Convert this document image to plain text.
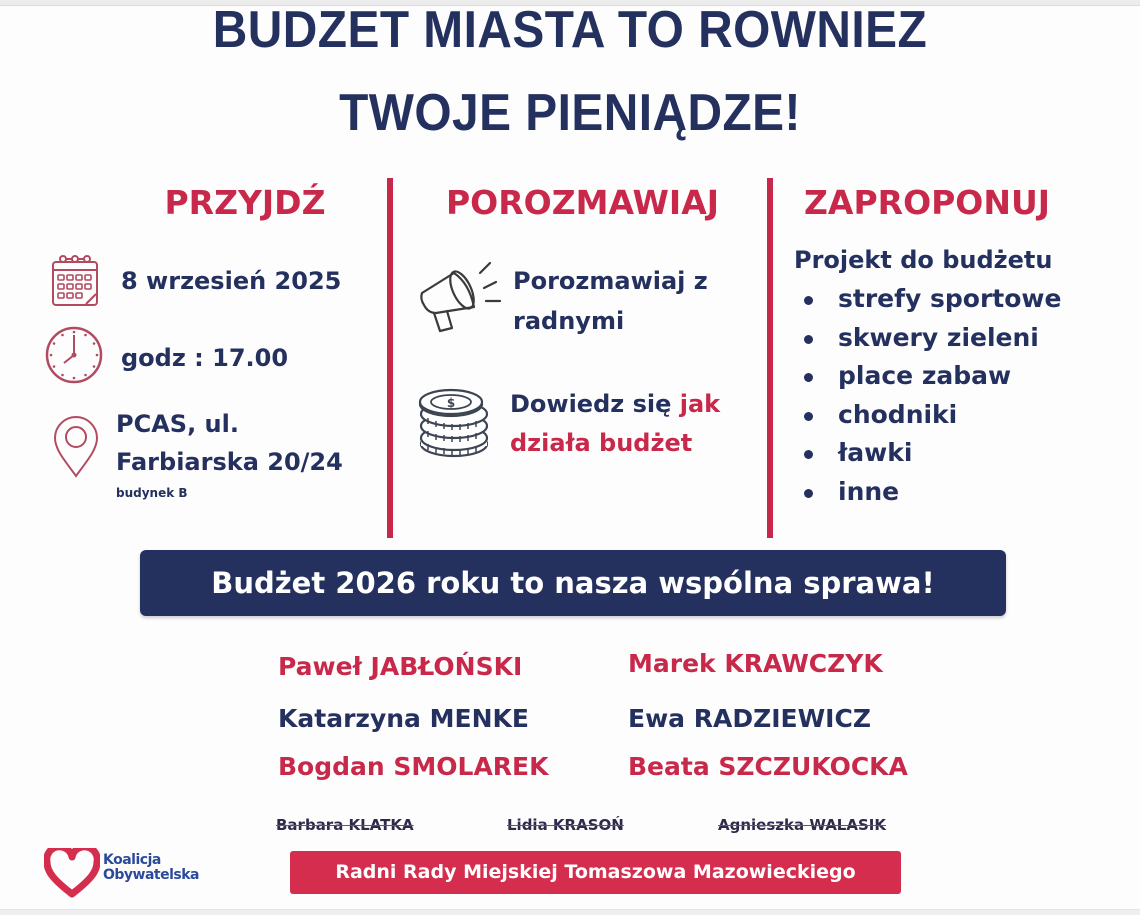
BUDZET MIASTA TO ROWNIEZ
TWOJE PIENIĄDZE!
PRZYJDŹ
8 wrzesień 2025
godz : 17.00
PCAS, ul.
Farbiarska 20/24
budynek B
POROZMAWIAJ
Porozmawiaj z
radnymi
$ Dowiedz się jak
działa budżet
ZAPROPONUJ
Projekt do budżetu
strefy sportowe
skwery zieleni
place zabaw
chodniki
ławki
inne
Budżet 2026 roku to nasza wspólna sprawa!
Paweł JABŁOŃSKI
Katarzyna MENKE
Bogdan SMOLAREK
Marek KRAWCZYK
Ewa RADZIEWICZ
Beata SZCZUKOCKA
Barbara KLATKA	Lidia KRASOŃ	Agnieszka WALASIK
Koalicja
Obywatelska	Radni Rady Miejskiej Tomaszowa Mazowieckiego
